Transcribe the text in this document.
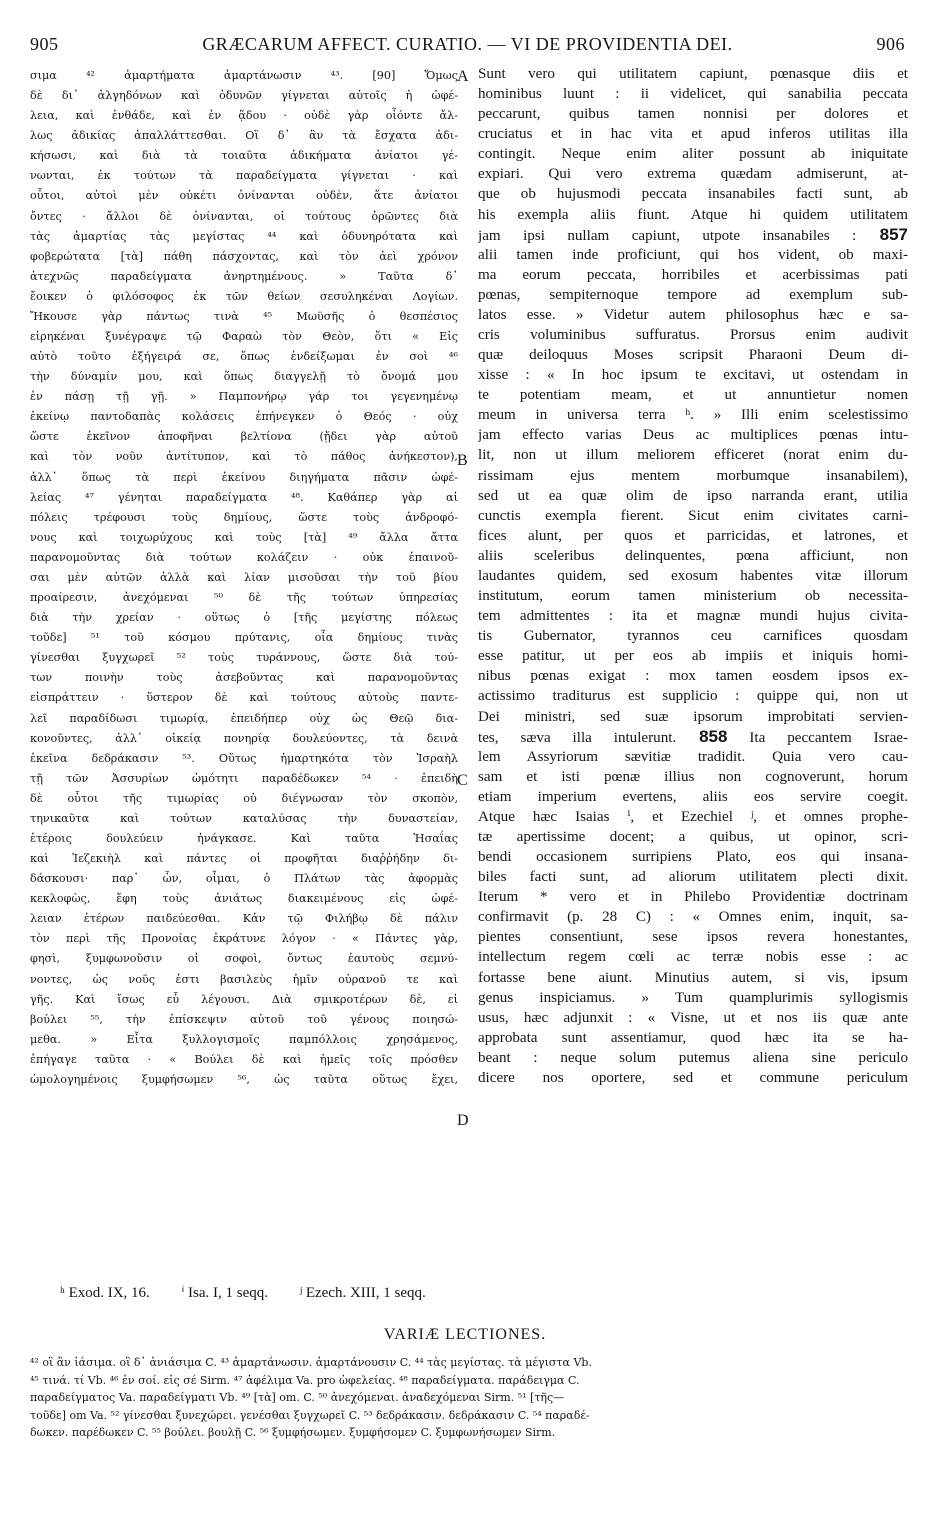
905	GRÆCARUM AFFECT. CURATIO. — VI DE PROVIDENTIA DEI.	906
σιμα ⁴² ἁμαρτήματα ἁμαρτάνωσιν ⁴³. [90] Ὅμως
δὲ δι᾽ ἀλγηδόνων καὶ ὀδυνῶν γίγνεται αὐτοῖς ἡ ὠφέ-
λεια, καὶ ἐνθάδε, καὶ ἐν ᾅδου · οὐδὲ γὰρ οἷόντε ἄλ-
λως ἀδικίας ἀπαλλάττεσθαι. Οἳ δ᾽ ἂν τὰ ἔσχατα ἀδι-
κήσωσι, καὶ διὰ τὰ τοιαῦτα ἀδικήματα ἀνίατοι γέ-
νωνται, ἐκ τούτων τὰ παραδείγματα γίγνεται · καὶ
οὗτοι, αὐτοὶ μὲν οὐκέτι ὀνίνανται οὐδὲν, ἅτε ἀνίατοι
ὄντες · ἄλλοι δὲ ὀνίνανται, οἱ τούτους ὁρῶντες διὰ
τὰς ἁμαρτίας τὰς μεγίστας ⁴⁴ καὶ ὀδυνηρότατα καὶ
φοβερώτατα [τὰ] πάθη πάσχοντας, καὶ τὸν ἀεὶ χρόνον
ἀτεχνῶς παραδείγματα ἀνηρτημένους. » Ταῦτα δ᾽
ἔοικεν ὁ φιλόσοφος ἐκ τῶν θείων σεσυληκέναι Λογίων.
Ἤκουσε γὰρ πάντως τινὰ ⁴⁵ Μωϋσῆς ὁ θεσπέσιος
εἰρηκέναι ξυνέγραψε τῷ Φαραὼ τὸν Θεὸν, ὅτι « Εἰς
αὐτὸ τοῦτο ἐξήγειρά σε, ὅπως ἐνδείξωμαι ἐν σοὶ ⁴⁶
τὴν δύναμίν μου, καὶ ὅπως διαγγελῇ τὸ ὄνομά μου
ἐν πάσῃ τῇ γῇ. » Παμπονήρῳ γάρ τοι γεγενημένῳ
ἐκείνῳ παντοδαπὰς κολάσεις ἐπήνεγκεν ὁ Θεός · οὐχ
ὥστε ἐκεῖνον ἀποφῆναι βελτίονα (ᾔδει γὰρ αὐτοῦ
καὶ τὸν νοῦν ἀντίτυπον, καὶ τὸ πάθος ἀνήκεστον),
ἀλλ᾽ ὅπως τὰ περὶ ἐκείνου διηγήματα πᾶσιν ὠφέ-
λείας ⁴⁷ γένηται παραδείγματα ⁴⁸. Καθάπερ γὰρ αἱ
πόλεις τρέφουσι τοὺς δημίους, ὥστε τοὺς ἀνδροφό-
νους καὶ τοιχωρύχους καὶ τοὺς [τὰ] ⁴⁹ ἄλλα ἄττα
παρανομοῦντας διὰ τούτων κολάζειν · οὐκ ἐπαινοῦ-
σαι μὲν αὐτῶν ἀλλὰ καὶ λίαν μισοῦσαι τὴν τοῦ βίου
προαίρεσιν, ἀνεχόμεναι ⁵⁰ δὲ τῆς τούτων ὑπηρεσίας
διὰ τὴν χρείαν · οὕτως ὁ [τῆς μεγίστης πόλεως
τοῦδε] ⁵¹ τοῦ κόσμου πρύτανις, οἷα δημίους τινὰς
γίνεσθαι ξυγχωρεῖ ⁵² τοὺς τυράννους, ὥστε διὰ τού-
των ποινὴν τοὺς ἀσεβοῦντας καὶ παρανομοῦντας
εἰσπράττειν · ὕστερον δὲ καὶ τούτους αὐτοὺς παντε-
λεῖ παραδίδωσι τιμωρίᾳ, ἐπειδήπερ οὐχ ὡς Θεῷ δια-
κονοῦντες, ἀλλ᾽ οἰκείᾳ πονηρίᾳ δουλεύοντες, τὰ δεινὰ
ἐκεῖνα δεδράκασιν ⁵³. Οὕτως ἡμαρτηκότα τὸν Ἰσραὴλ
τῇ τῶν Ἀσσυρίων ὠμότητι παραδέδωκεν ⁵⁴ · ἐπειδὴ
δὲ οὗτοι τῆς τιμωρίας οὐ διέγνωσαν τὸν σκοπὸν,
τηνικαῦτα καὶ τούτων καταλύσας τὴν δυναστείαν,
ἑτέροις δουλεύειν ἠνάγκασε. Καὶ ταῦτα Ἠσαΐας
καὶ Ἰεζεκιὴλ καὶ πάντες οἱ προφῆται διαῤῥήδην δι-
δάσκουσι· παρ᾽ ὧν, οἶμαι, ὁ Πλάτων τὰς ἀφορμὰς
κεκλοφὼς, ἔφη τοὺς ἀνιάτως διακειμένους εἰς ὠφέ-
λειαν ἑτέρων παιδεύεσθαι. Κἀν τῷ Φιλήβῳ δὲ πάλιν
τὸν περὶ τῆς Προνοίας ἐκράτυνε λόγον · « Πάντες γὰρ,
φησὶ, ξυμφωνοῦσιν οἱ σοφοὶ, ὄντως ἑαυτοὺς σεμνύ-
νοντες, ὡς νοῦς ἐστι βασιλεὺς ἡμῖν οὐρανοῦ τε καὶ
γῆς. Καὶ ἴσως εὖ λέγουσι. Διὰ σμικροτέρων δὲ, εἰ
βούλει ⁵⁵, τὴν ἐπίσκεψιν αὐτοῦ τοῦ γένους ποιησώ-
μεθα. » Εἶτα ξυλλογισμοῖς παμπόλλοις χρησάμενος,
ἐπήγαγε ταῦτα · « Βούλει δὲ καὶ ἡμεῖς τοῖς πρόσθεν
ὡμολογημένοις ξυμφήσωμεν ⁵⁶, ὡς ταῦτα οὕτως ἔχει,
Sunt vero qui utilitatem capiunt, pœnasque diis et
hominibus luunt : ii videlicet, qui sanabilia peccata
peccarunt, quibus tamen nonnisi per dolores et
cruciatus et in hac vita et apud inferos utilitas illa
contingit. Neque enim aliter possunt ab iniquitate
expiari. Qui vero extrema quædam admiserunt, at-
que ob hujusmodi peccata insanabiles facti sunt, ab
his exempla aliis fiunt. Atque hi quidem utilitatem
jam ipsi nullam capiunt, utpote insanabiles : 857
alii tamen inde proficiunt, qui hos vident, ob maxi-
ma eorum peccata, horribiles et acerbissimas pati
pœnas, sempiternoque tempore ad exemplum sub-
latos esse. » Videtur autem philosophus hæc e sa-
cris voluminibus suffuratus. Prorsus enim audivit
quæ deiloquus Moses scripsit Pharaoni Deum di-
xisse : « In hoc ipsum te excitavi, ut ostendam in
te potentiam meam, et ut annuntietur nomen
meum in universa terra ʰ. » Illi enim scelestissimo
jam effecto varias Deus ac multiplices pœnas intu-
lit, non ut illum meliorem efficeret (norat enim du-
rissimam ejus mentem morbumque insanabilem),
sed ut ea quæ olim de ipso narranda erant, utilia
cunctis exempla fierent. Sicut enim civitates carni-
fices alunt, per quos et parricidas, et latrones, et
aliis sceleribus delinquentes, pœna afficiunt, non
laudantes quidem, sed exosum habentes vitæ illorum
institutum, eorum tamen ministerium ob necessita-
tem admittentes : ita et magnæ mundi hujus civita-
tis Gubernator, tyrannos ceu carnifices quosdam
esse patitur, ut per eos ab impiis et iniquis homi-
nibus pœnas exigat : mox tamen eosdem ipsos ex-
actissimo traditurus est supplicio : quippe qui, non ut
Dei ministri, sed suæ ipsorum improbitati servien-
tes, sæva illa intulerunt. 858 Ita peccantem Israe-
lem Assyriorum sævitiæ tradidit. Quia vero cau-
sam et isti pœnæ illius non cognoverunt, horum
etiam imperium evertens, aliis eos servire coegit.
Atque hæc Isaias ⁱ, et Ezechiel ʲ, et omnes prophe-
tæ apertissime docent; a quibus, ut opinor, scri-
bendi occasionem surripiens Plato, eos qui insana-
biles facti sunt, ad aliorum utilitatem plecti dixit.
Iterum * vero et in Philebo Providentiæ doctrinam
confirmavit (p. 28 C) : « Omnes enim, inquit, sa-
pientes consentiunt, sese ipsos revera honestantes,
intellectum regem cœli ac terræ nobis esse : ac
fortasse bene aiunt. Minutius autem, si vis, ipsum
genus inspiciamus. » Tum quamplurimis syllogismis
usus, hæc adjunxit : « Visne, ut et nos iis quæ ante
approbata sunt assentiamur, quod hæc ita se ha-
beant : neque solum putemus aliena sine periculo
dicere nos oportere, sed et commune periculum
A
B
C
D
ʰ Exod. IX, 16. ⁱ Isa. I, 1 seqq. ʲ Ezech. XIII, 1 seqq.
VARIÆ LECTIONES.
⁴² οἳ ἂν ἰάσιμα. οἳ δ᾽ ἀνιάσιμα C. ⁴³ ἁμαρτάνωσιν. ἁμαρτάνουσιν C. ⁴⁴ τὰς μεγίστας. τὰ μέγιστα Vb.
⁴⁵ τινά. τί Vb. ⁴⁶ ἐν σοί. εἰς σέ Sirm. ⁴⁷ ἀφέλιμα Va. pro ὠφελείας. ⁴⁸ παραδείγματα. παράδειγμα C.
παραδείγματος Va. παραδείγματι Vb. ⁴⁹ [τὰ] om. C. ⁵⁰ ἀνεχόμεναι. ἀναδεχόμεναι Sirm. ⁵¹ [τῆς—
τοῦδε] om Va. ⁵² γίνεσθαι ξυνεχώρει. γενέσθαι ξυγχωρεῖ C. ⁵³ δεδράκασιν. δεδράκασιν C. ⁵⁴ παραδέ-
δωκεν. παρέδωκεν C. ⁵⁵ βούλει. βουλῇ C. ⁵⁶ ξυμφήσωμεν. ξυμφήσομεν C. ξυμφωνήσωμεν Sirm.
